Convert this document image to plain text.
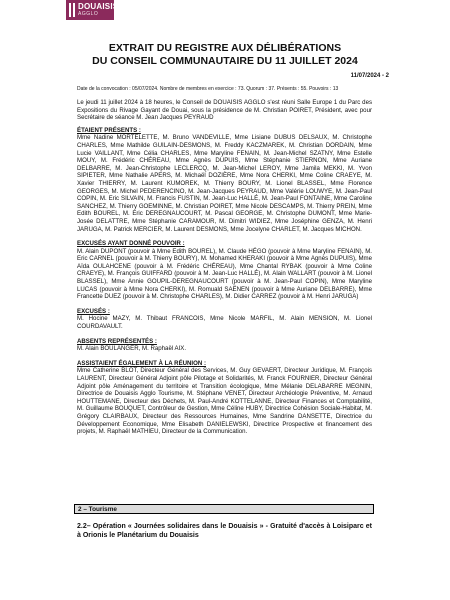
DOUAISIS
AGGLO
EXTRAIT DU REGISTRE AUX DÉLIBÉRATIONS
DU CONSEIL COMMUNAUTAIRE DU 11 JUILLET 2024
11/07/2024 - 2
Date de la convocation : 05/07/2024. Nombre de membres en exercice : 73. Quorum : 37. Présents : 55. Pouvoirs : 13

Le jeudi 11 juillet 2024 à 18 heures, le Conseil de DOUAISIS AGGLO s'est réuni Salle Europe 1 du Parc des Expositions du Rivage Gayant de Douai, sous la présidence de M. Christian POIRET, Président, avec pour Secrétaire de séance M. Jean Jacques PEYRAUD

ÉTAIENT PRÉSENTS :

Mme Nadine MORTELETTE, M. Bruno VANDEVILLE, Mme Lisiane DUBUS DELSAUX, M. Christophe CHARLES, Mme Mathilde GUILAIN-DESMONS, M. Freddy KACZMAREK, M. Christian DORDAIN, Mme Lucie VAILLANT, Mme Célia CHARLES, Mme Maryline FENAIN, M. Jean-Michel SZATNY, Mme Estelle MOUY, M. Frédéric CHÉREAU, Mme Agnès DUPUIS, Mme Stéphanie STIERNON, Mme Auriane DELBARRE, M. Jean-Christophe LECLERCQ, M. Jean-Michel LEROY, Mme Jamila MEKKI, M. Yvon SIPIETER, Mme Nathalie APERS, M. Michaël DOZIÈRE, Mme Nora CHERKI, Mme Coline CRAEYE, M. Xavier THIERRY, M. Laurent KUMOREK, M. Thierry BOURY, M. Lionel BLASSEL, Mme Florence GEORGES, M. Michel PEDERENCINO, M. Jean-Jacques PEYRAUD, Mme Valérie LOUWYE, M. Jean-Paul COPIN, M. Eric SILVAIN, M. Francis FUSTIN, M. Jean-Luc HALLÉ, M. Jean-Paul FONTAINE, Mme Caroline SANCHEZ, M. Thierry GOEMINNE, M. Christian POIRET, Mme Nicole DESCAMPS, M. Thierry PREIN, Mme Edith BOUREL, M. Eric DEREGNAUCOURT, M. Pascal GEORGE, M. Christophe DUMONT, Mme Marie-Josée DELATTRE, Mme Stéphanie CARAMOUR, M. Dimitri WIDIEZ, Mme Joséphine GENZA, M. Henri JARUGA, M. Patrick MERCIER, M. Laurent DESMONS, Mme Jocelyne CHARLET, M. Jacques MICHON.

EXCUSÉS AYANT DONNÉ POUVOIR :

M. Alain DUPONT (pouvoir à Mme Edith BOUREL), M. Claude HÉGO (pouvoir à Mme Maryline FENAIN), M. Eric CARNEL (pouvoir à M. Thierry BOURY), M. Mohamed KHERAKI (pouvoir à Mme Agnès DUPUIS), Mme Aïda OULAHCENE (pouvoir à M. Frédéric CHÉREAU), Mme Chantal RYBAK (pouvoir à Mme Coline CRAEYE), M. François GUIFFARD (pouvoir à M. Jean-Luc HALLÉ), M. Alain WALLART (pouvoir à M. Lionel BLASSEL), Mme Annie GOUPIL-DEREGNAUCOURT (pouvoir à M. Jean-Paul COPIN), Mme Maryline LUCAS (pouvoir à Mme Nora CHERKI), M. Romuald SAËNEN (pouvoir à Mme Auriane DELBARRE), Mme Francette DUEZ (pouvoir à M. Christophe CHARLES), M. Didier CARREZ (pouvoir à M. Henri JARUGA)

EXCUSÉS :

M. Hocine MAZY, M. Thibaut FRANCOIS, Mme Nicole MARFIL, M. Alain MENSION, M. Lionel COURDAVAULT.

ABSENTS REPRÉSENTÉS :

M. Alain BOULANGER, M. Raphaël AIX.

ASSISTAIENT ÉGALEMENT À LA RÉUNION :

Mme Catherine BLOT, Directeur Général des Services, M. Guy GEVAERT, Directeur Juridique, M. François LAURENT, Directeur Général Adjoint pôle Pilotage et Solidarités, M. Franck FOURNIER, Directeur Général Adjoint pôle Aménagement du territoire et Transition écologique, Mme Mélanie DELABARRE MEGNIN, Directrice de Douaisis Agglo Tourisme, M. Stéphane VENET, Directeur Archéologie Préventive, M. Arnaud HOUTTEMANE, Directeur des Déchets, M. Paul-André KOTTELANNE, Directeur Finances et Comptabilité, M. Guillaume BOUQUET, Contrôleur de Gestion, Mme Céline HUBY, Directrice Cohésion Sociale-Habitat, M. Grégory CLAIRBAUX, Directeur des Ressources Humaines, Mme Sandrine DANSETTE, Directrice du Développement Economique, Mme Elisabeth DANIELEWSKI, Directrice Prospective et financement des projets, M. Raphaël MATHIEU, Directeur de la Communication.

2 – Tourisme
2.2– Opération « Journées solidaires dans le Douaisis » - Gratuité d'accès à Loisiparc et à Orionis le Planétarium du Douaisis
